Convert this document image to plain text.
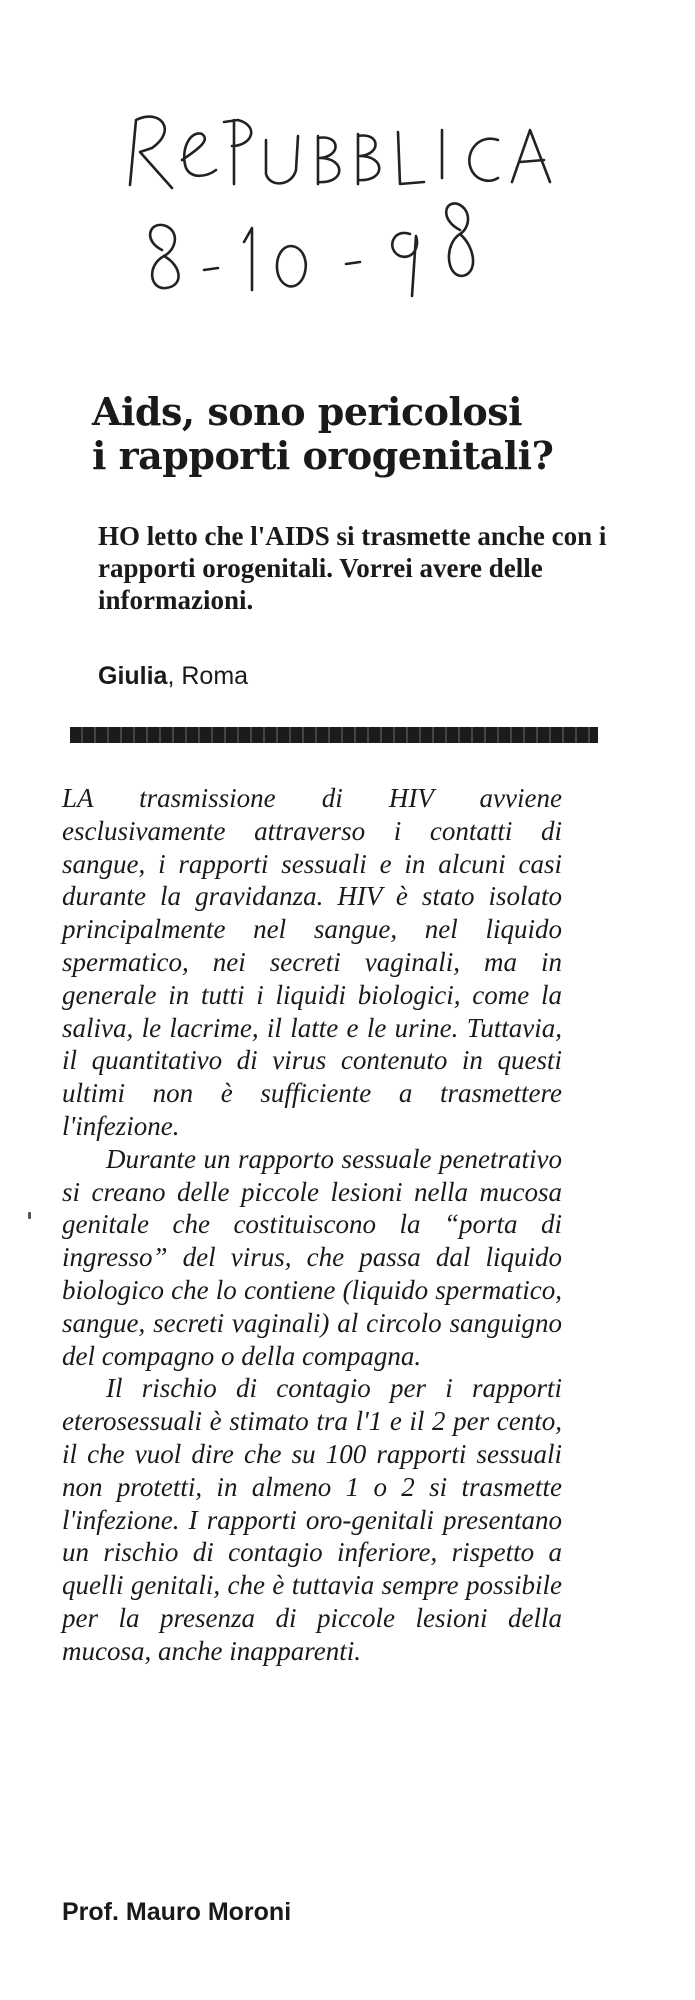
Aids, sono pericolosi
i rapporti orogenitali?

HO letto che l'AIDS si trasmette anche con i rapporti orogenitali. Vorrei avere delle informazioni.

Giulia, Roma

LA trasmissione di HIV avviene esclusivamente attraverso i contatti di sangue, i rapporti sessuali e in alcuni casi durante la gravidanza. HIV è stato isolato principalmente nel sangue, nel liquido spermatico, nei secreti vaginali, ma in generale in tutti i liquidi biologici, come la saliva, le lacrime, il latte e le urine. Tuttavia, il quantitativo di virus contenuto in questi ultimi non è sufficiente a trasmettere l'infezione.

Durante un rapporto sessuale penetrativo si creano delle piccole lesioni nella mucosa genitale che costituiscono la “porta di ingresso” del virus, che passa dal liquido biologico che lo contiene (liquido spermatico, sangue, secreti vaginali) al circolo sanguigno del compagno o della compagna.

Il rischio di contagio per i rapporti eterosessuali è stimato tra l'1 e il 2 per cento, il che vuol dire che su 100 rapporti sessuali non protetti, in almeno 1 o 2 si trasmette l'infezione. I rapporti oro-genitali presentano un rischio di contagio inferiore, rispetto a quelli genitali, che è tuttavia sempre possibile per la presenza di piccole lesioni della mucosa, anche inapparenti.

Prof. Mauro Moroni
